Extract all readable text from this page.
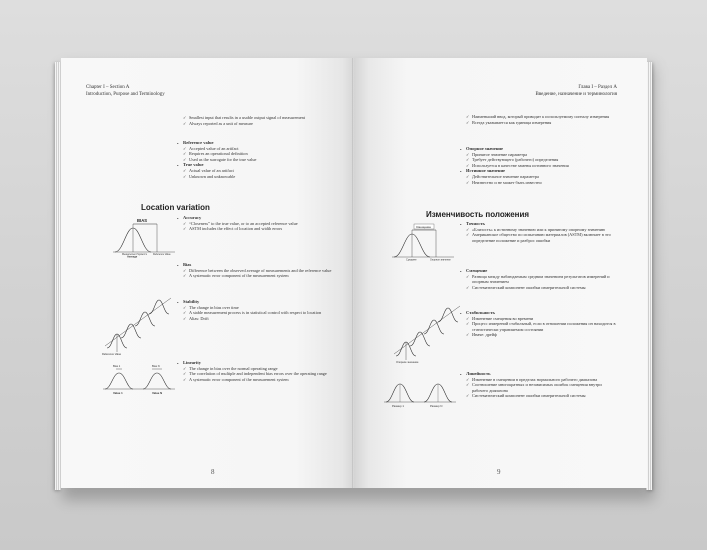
Chapter I – Section A
Introduction, Purpose and Terminology
✓ Smallest input that results in a usable output signal of measurement
✓ Always reported as a unit of measure
• Reference value
✓ Accepted value of an artifact
✓ Requires an operational definition
✓ Used as the surrogate for the true value
• True value
✓ Actual value of an artifact
✓ Unknown and unknowable
Location variation
BIAS
Measurement System's
Average
Reference Value
• Accuracy
✓ “Closeness” to the true value, or to an accepted reference value
✓ ASTM includes the effect of location and width errors
• Bias
✓ Difference between the observed average of measurements and the reference value
✓ A systematic error component of the measurement system
Reference Value
• Stability
✓ The change in bias over time
✓ A stable measurement process is in statistical control with respect to location
✓ Alias: Drift
Bias 1	Bias N
Value 1	Value N
• Linearity
✓ The change in bias over the normal operating range
✓ The correlation of multiple and independent bias errors over the operating range
✓ A systematic error component of the measurement system
8
Глава I – Раздел А
Введение, назначение и терминология
✓ Наименьший ввод, который приводит к используемому сигналу измерения
✓ Всегда указывается как единица измерения
• Опорное значение
✓ Принятое значение параметра
✓ Требует действующего (рабочего) определения
✓ Используется в качестве замены истинного значения
• Истинное значение
✓ Действительное значение параметра
✓ Неизвестно и не может быть известно
Изменчивость положения
Смещение
Среднее	Опорное значение
• Точность
✓ «Близость» к истинному значению или к принятому опорному значению
✓ Американское общество по испытанию материалов (ASTM) включает в это определение положение и разброс ошибки
• Смещение
✓ Разница между наблюдаемым средним значением результатов измерений и опорным значением
✓ Систематический компонент ошибки измерительной системы
Опорное значение
• Стабильность
✓ Изменение смещения во времени
✓ Процесс измерений стабильный, если в отношении положения он находится в статистически управляемом состоянии
✓ Иначе: дрейф
Размер 1	Размер N
• Линейность
✓ Изменение в смещении в пределах нормального рабочего диапазона
✓ Соотношение многократных и независимых ошибок смещения внутри рабочего диапазона
✓ Систематический компонент ошибки измерительной системы
9
